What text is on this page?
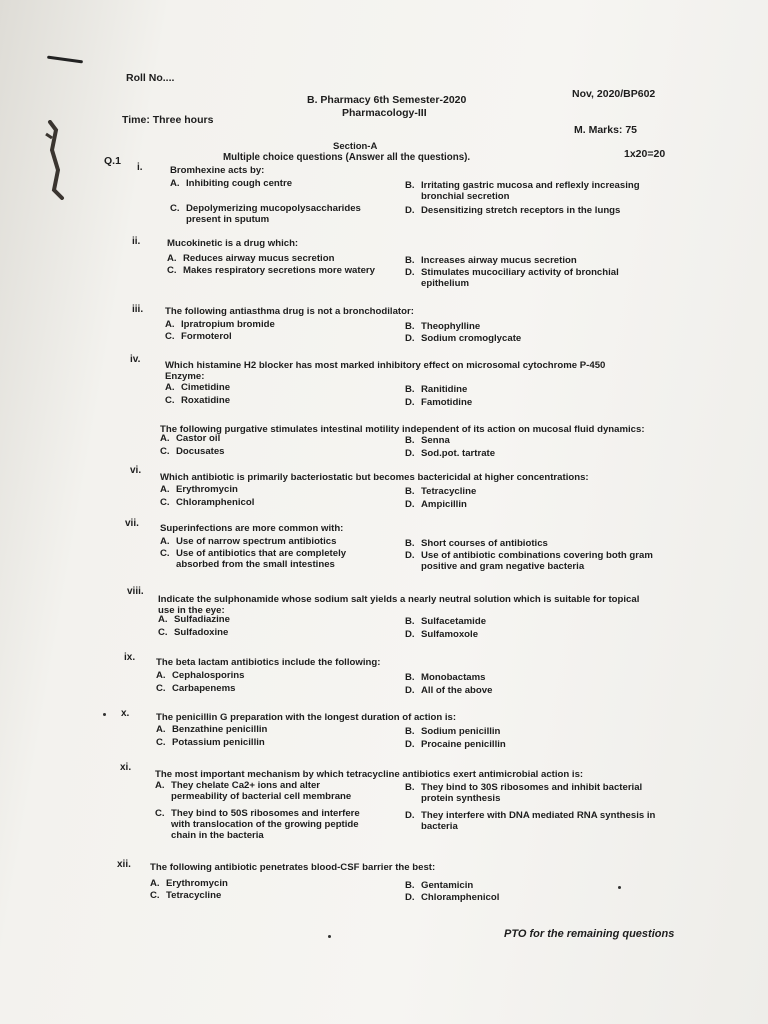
Roll No....
B. Pharmacy 6th Semester-2020
Pharmacology-III
Nov, 2020/BP602
Time: Three hours
M. Marks: 75
Section-A
Multiple choice questions (Answer all the questions).	1x20=20
Q.1
i.	Bromhexine acts by:
A. Inhibiting cough centre	B. Irritating gastric mucosa and reflexly increasing
bronchial secretion
C. Depolymerizing mucopolysaccharides
present in sputum
D. Desensitizing stretch receptors in the lungs
ii.	Mucokinetic is a drug which:
A. Reduces airway mucus secretion	B. Increases airway mucus secretion
C. Makes respiratory secretions more watery	D. Stimulates mucociliary activity of bronchial
epithelium
iii. The following antiasthma drug is not a bronchodilator:
A. Ipratropium bromide	B. Theophylline
C. Formoterol	D. Sodium cromoglycate
iv.
Which histamine H2 blocker has most marked inhibitory effect on microsomal cytochrome P-450
Enzyme:
A. Cimetidine	B. Ranitidine
C. Roxatidine	D. Famotidine
The following purgative stimulates intestinal motility independent of its action on mucosal fluid dynamics:
A. Castor oil	B. Senna
C. Docusates	D. Sod.pot. tartrate
vi.
Which antibiotic is primarily bacteriostatic but becomes bactericidal at higher concentrations:
A. Erythromycin	B. Tetracycline
C. Chloramphenicol	D. Ampicillin
vii. Superinfections are more common with:
A. Use of narrow spectrum antibiotics	B. Short courses of antibiotics
C. Use of antibiotics that are completely
absorbed from the small intestines
D. Use of antibiotic combinations covering both gram
positive and gram negative bacteria
viii.
Indicate the sulphonamide whose sodium salt yields a nearly neutral solution which is suitable for topical
use in the eye:
A. Sulfadiazine	B. Sulfacetamide
C. Sulfadoxine	D. Sulfamoxole
ix. The beta lactam antibiotics include the following:
A. Cephalosporins	B. Monobactams
C. Carbapenems	D. All of the above
x.	The penicillin G preparation with the longest duration of action is:
A. Benzathine penicillin	B. Sodium penicillin
C. Potassium penicillin	D. Procaine penicillin
xi.
The most important mechanism by which tetracycline antibiotics exert antimicrobial action is:
A. They chelate Ca2+ ions and alter
permeability of bacterial cell membrane
B. They bind to 30S ribosomes and inhibit bacterial
protein synthesis
C. They bind to 50S ribosomes and interfere
with translocation of the growing peptide
chain in the bacteria
D. They interfere with DNA mediated RNA synthesis in
bacteria
xii. The following antibiotic penetrates blood-CSF barrier the best:
A. Erythromycin	B. Gentamicin
C. Tetracycline	D. Chloramphenicol
PTO for the remaining questions
